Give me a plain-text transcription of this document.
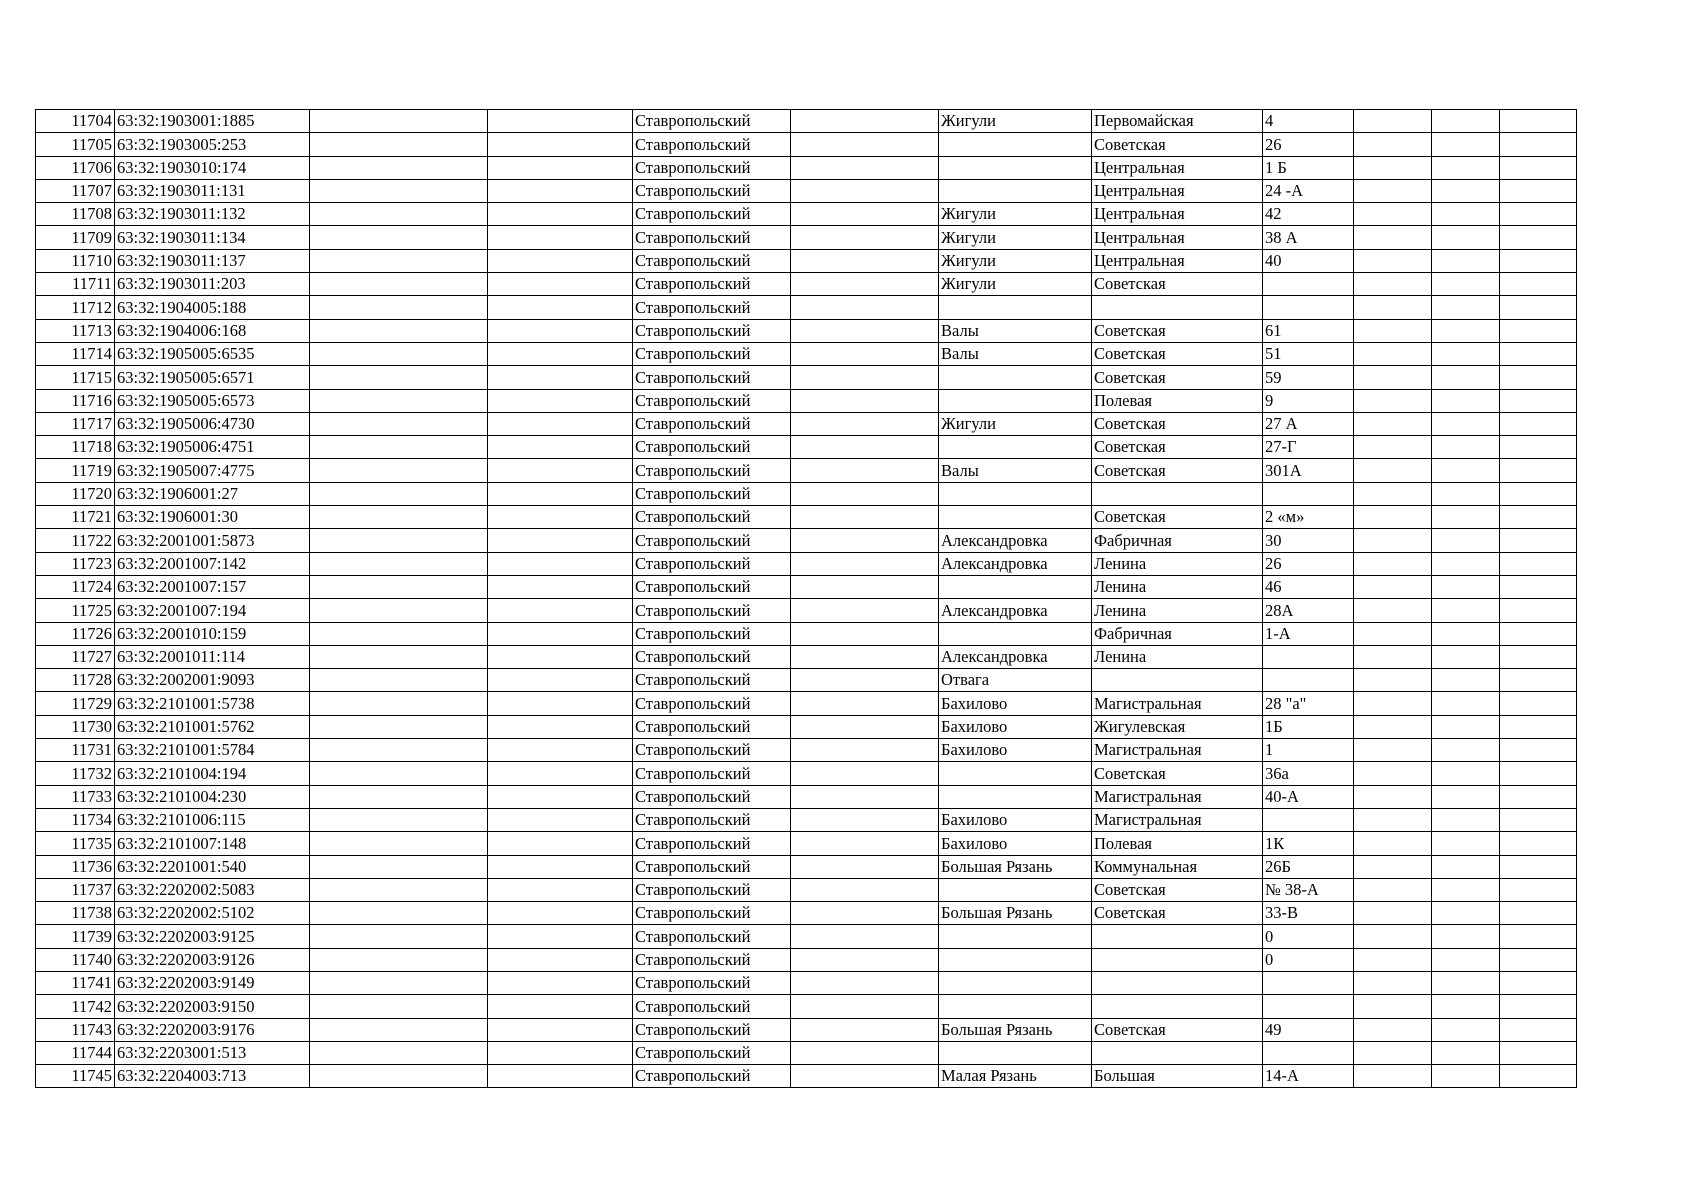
11704	63:32:1903001:1885			Ставропольский		Жигули	Первомайская	4			
11705	63:32:1903005:253			Ставропольский			Советская	26			
11706	63:32:1903010:174			Ставропольский			Центральная	1 Б			
11707	63:32:1903011:131			Ставропольский			Центральная	24 -А			
11708	63:32:1903011:132			Ставропольский		Жигули	Центральная	42			
11709	63:32:1903011:134			Ставропольский		Жигули	Центральная	38 А			
11710	63:32:1903011:137			Ставропольский		Жигули	Центральная	40			
11711	63:32:1903011:203			Ставропольский		Жигули	Советская				
11712	63:32:1904005:188			Ставропольский							
11713	63:32:1904006:168			Ставропольский		Валы	Советская	61			
11714	63:32:1905005:6535			Ставропольский		Валы	Советская	51			
11715	63:32:1905005:6571			Ставропольский			Советская	59			
11716	63:32:1905005:6573			Ставропольский			Полевая	9			
11717	63:32:1905006:4730			Ставропольский		Жигули	Советская	27 А			
11718	63:32:1905006:4751			Ставропольский			Советская	27-Г			
11719	63:32:1905007:4775			Ставропольский		Валы	Советская	301А			
11720	63:32:1906001:27			Ставропольский							
11721	63:32:1906001:30			Ставропольский			Советская	2 «м»			
11722	63:32:2001001:5873			Ставропольский		Александровка	Фабричная	30			
11723	63:32:2001007:142			Ставропольский		Александровка	Ленина	26			
11724	63:32:2001007:157			Ставропольский			Ленина	46			
11725	63:32:2001007:194			Ставропольский		Александровка	Ленина	28А			
11726	63:32:2001010:159			Ставропольский			Фабричная	1-А			
11727	63:32:2001011:114			Ставропольский		Александровка	Ленина				
11728	63:32:2002001:9093			Ставропольский		Отвага					
11729	63:32:2101001:5738			Ставропольский		Бахилово	Магистральная	28 "а"			
11730	63:32:2101001:5762			Ставропольский		Бахилово	Жигулевская	1Б			
11731	63:32:2101001:5784			Ставропольский		Бахилово	Магистральная	1			
11732	63:32:2101004:194			Ставропольский			Советская	36а			
11733	63:32:2101004:230			Ставропольский			Магистральная	40-А			
11734	63:32:2101006:115			Ставропольский		Бахилово	Магистральная				
11735	63:32:2101007:148			Ставропольский		Бахилово	Полевая	1К			
11736	63:32:2201001:540			Ставропольский		Большая Рязань	Коммунальная	26Б			
11737	63:32:2202002:5083			Ставропольский			Советская	№ 38-А			
11738	63:32:2202002:5102			Ставропольский		Большая Рязань	Советская	33-В			
11739	63:32:2202003:9125			Ставропольский				0			
11740	63:32:2202003:9126			Ставропольский				0			
11741	63:32:2202003:9149			Ставропольский							
11742	63:32:2202003:9150			Ставропольский							
11743	63:32:2202003:9176			Ставропольский		Большая Рязань	Советская	49			
11744	63:32:2203001:513			Ставропольский							
11745	63:32:2204003:713			Ставропольский		Малая Рязань	Большая	14-А			
